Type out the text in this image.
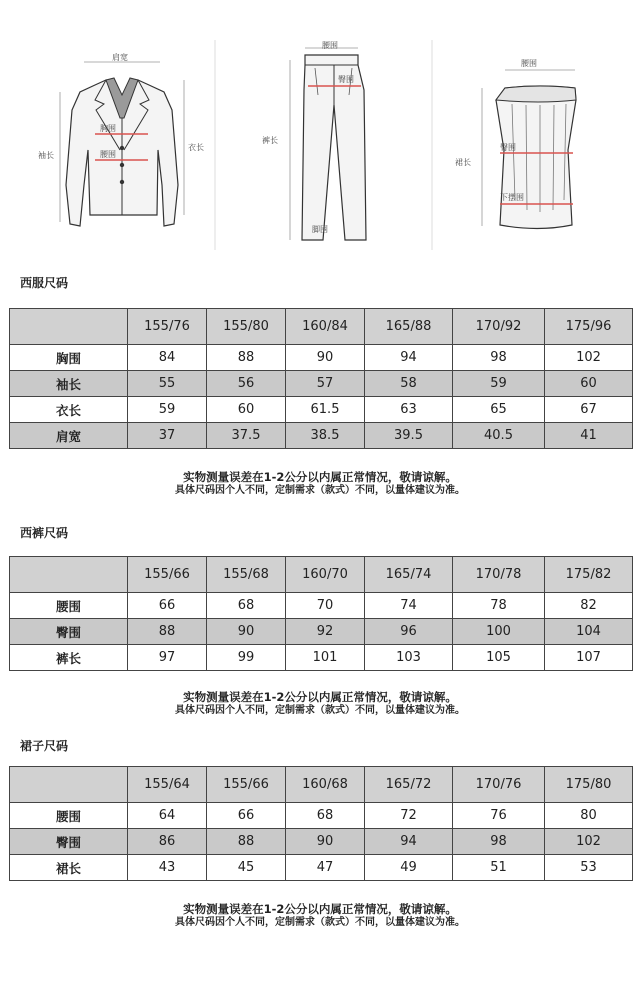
肩宽
胸围
腰围
袖长
衣长
腰围
臀围
裤长
脚围
腰围
臀围
裙长
下摆围
西服尺码
	155/76	155/80	160/84	165/88	170/92	175/96
胸围	84	88	90	94	98	102
袖长	55	56	57	58	59	60
衣长	59	60	61.5	63	65	67
肩宽	37	37.5	38.5	39.5	40.5	41
实物测量误差在1-2公分以内属正常情况，敬请谅解。
具体尺码因个人不同，定制需求（款式）不同，以量体建议为准。
西裤尺码
	155/66	155/68	160/70	165/74	170/78	175/82
腰围	66	68	70	74	78	82
臀围	88	90	92	96	100	104
裤长	97	99	101	103	105	107
实物测量误差在1-2公分以内属正常情况，敬请谅解。
具体尺码因个人不同，定制需求（款式）不同，以量体建议为准。
裙子尺码
	155/64	155/66	160/68	165/72	170/76	175/80
腰围	64	66	68	72	76	80
臀围	86	88	90	94	98	102
裙长	43	45	47	49	51	53
实物测量误差在1-2公分以内属正常情况，敬请谅解。
具体尺码因个人不同，定制需求（款式）不同，以量体建议为准。
